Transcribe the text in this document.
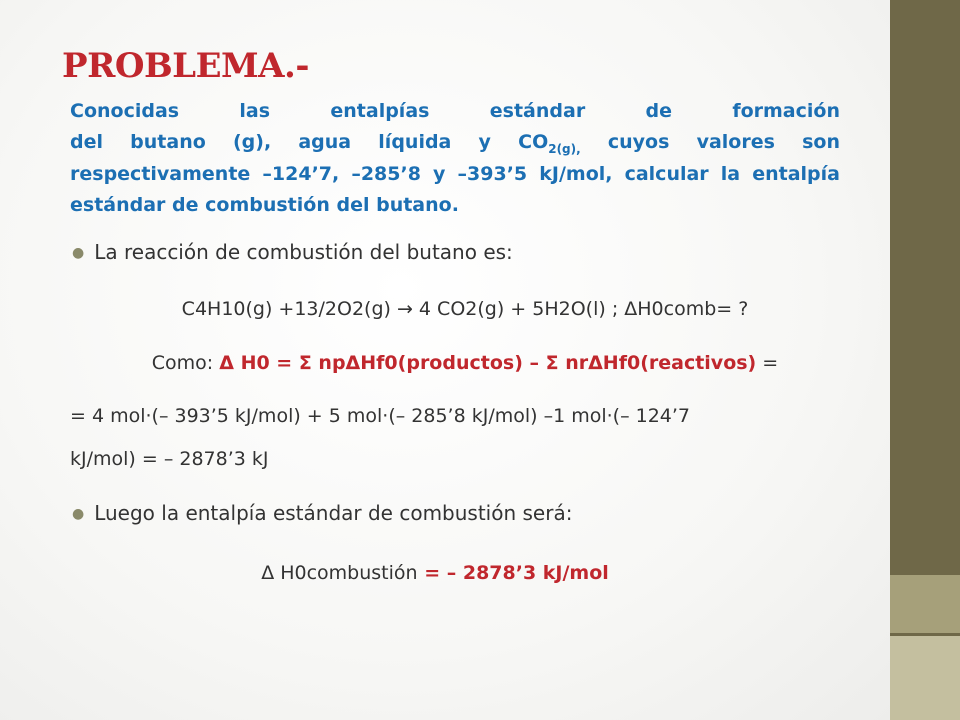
PROBLEMA.-
Conocidas las entalpías estándar de formación
del butano (g), agua líquida y $CO_{2(g),}$ cuyos valores son
respectivamente –124’7, –285’8 y –393’5 kJ/mol, calcular la entalpía
estándar de combustión del butano.
● La reacción de combustión del butano es:
C4H10(g) +13/2O2(g) → 4 CO2(g) + 5H2O(l) ; ΔH0comb= ?
Como: Δ H0 = Σ npΔHf0(productos) – Σ nrΔHf0(reactivos) =
= 4 mol·(– 393’5 kJ/mol) + 5 mol·(– 285’8 kJ/mol) –1 mol·(– 124’7
kJ/mol) = – 2878’3 kJ
● Luego la entalpía estándar de combustión será:
Δ H0combustión = – 2878’3 kJ/mol
